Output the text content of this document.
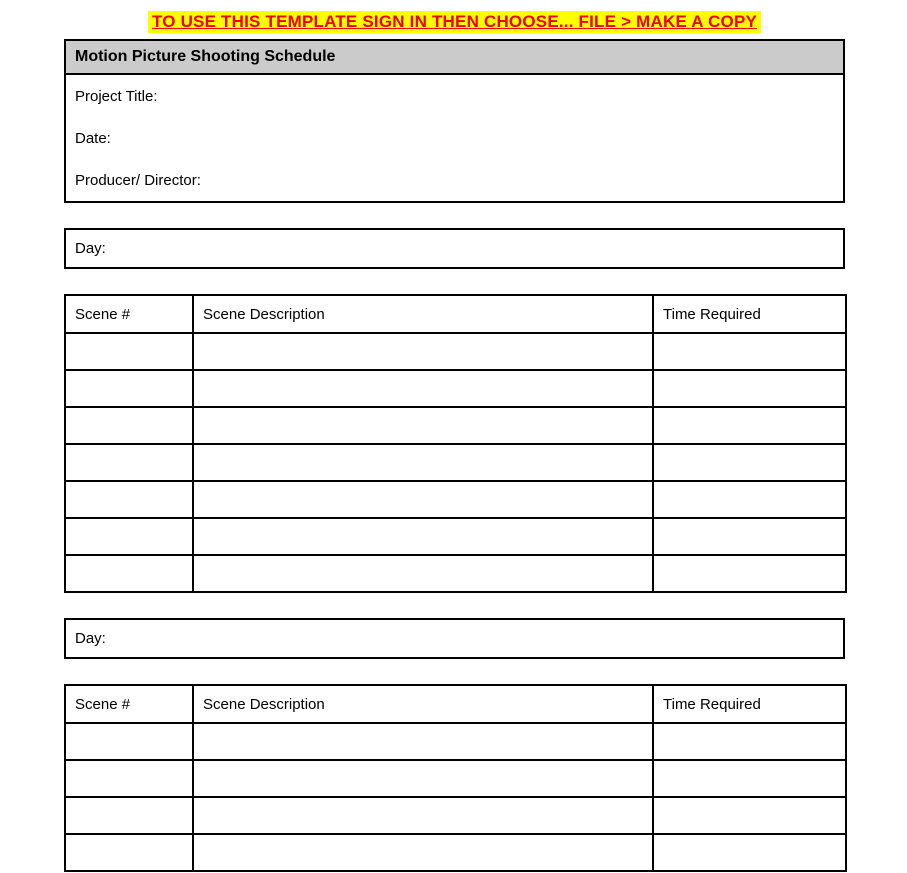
TO USE THIS TEMPLATE SIGN IN THEN CHOOSE... FILE > MAKE A COPY
Motion Picture Shooting Schedule

Project Title:

Date:

Producer/ Director:

Day:
Scene #	Scene Description	Time Required

Day:
Scene #	Scene Description	Time Required
